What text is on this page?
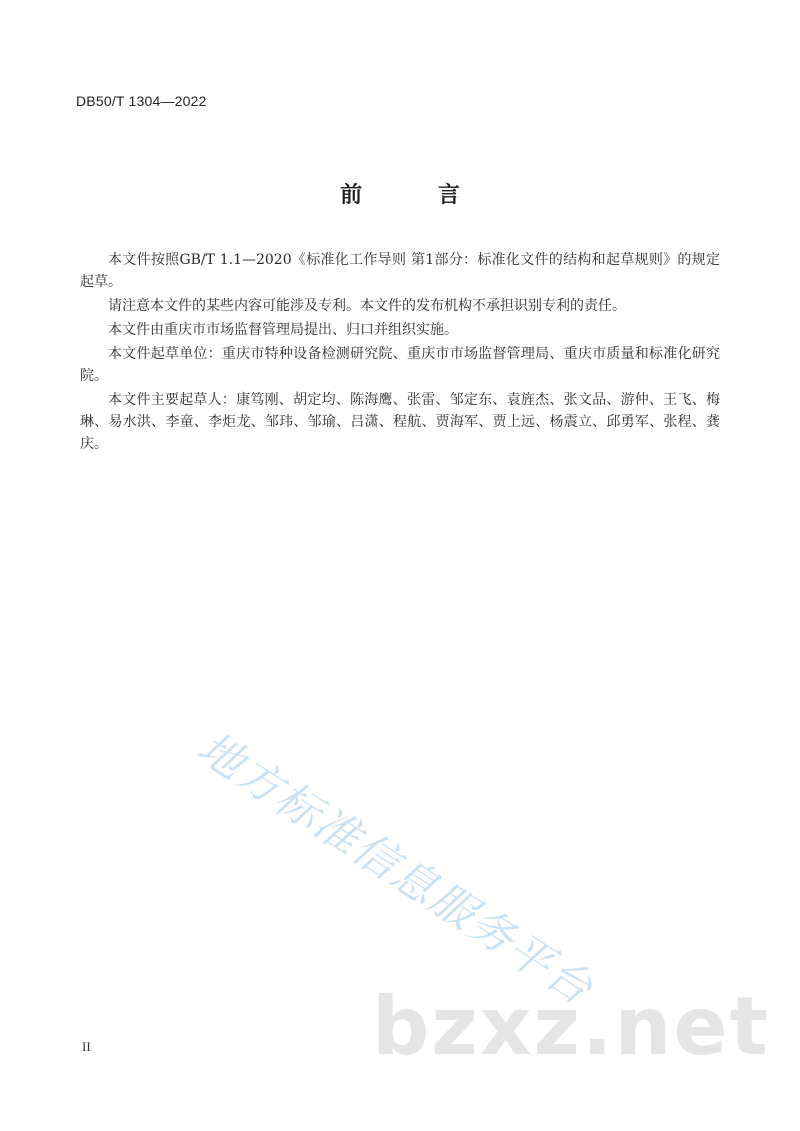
DB50/T 1304—2022
前 言

本文件按照GB/T 1.1—2020《标准化工作导则 第1部分：标准化文件的结构和起草规则》的规定起草。

请注意本文件的某些内容可能涉及专利。本文件的发布机构不承担识别专利的责任。

本文件由重庆市市场监督管理局提出、归口并组织实施。

本文件起草单位：重庆市特种设备检测研究院、重庆市市场监督管理局、重庆市质量和标准化研究院。

本文件主要起草人：康笃刚、胡定均、陈海鹰、张雷、邹定东、袁旌杰、张文品、游仲、王飞、梅琳、易水洪、李童、李炬龙、邹玮、邹瑜、吕潇、程航、贾海军、贾上远、杨震立、邱勇军、张程、龚庆。

地方标准信息服务平台
bzxz.net
II
